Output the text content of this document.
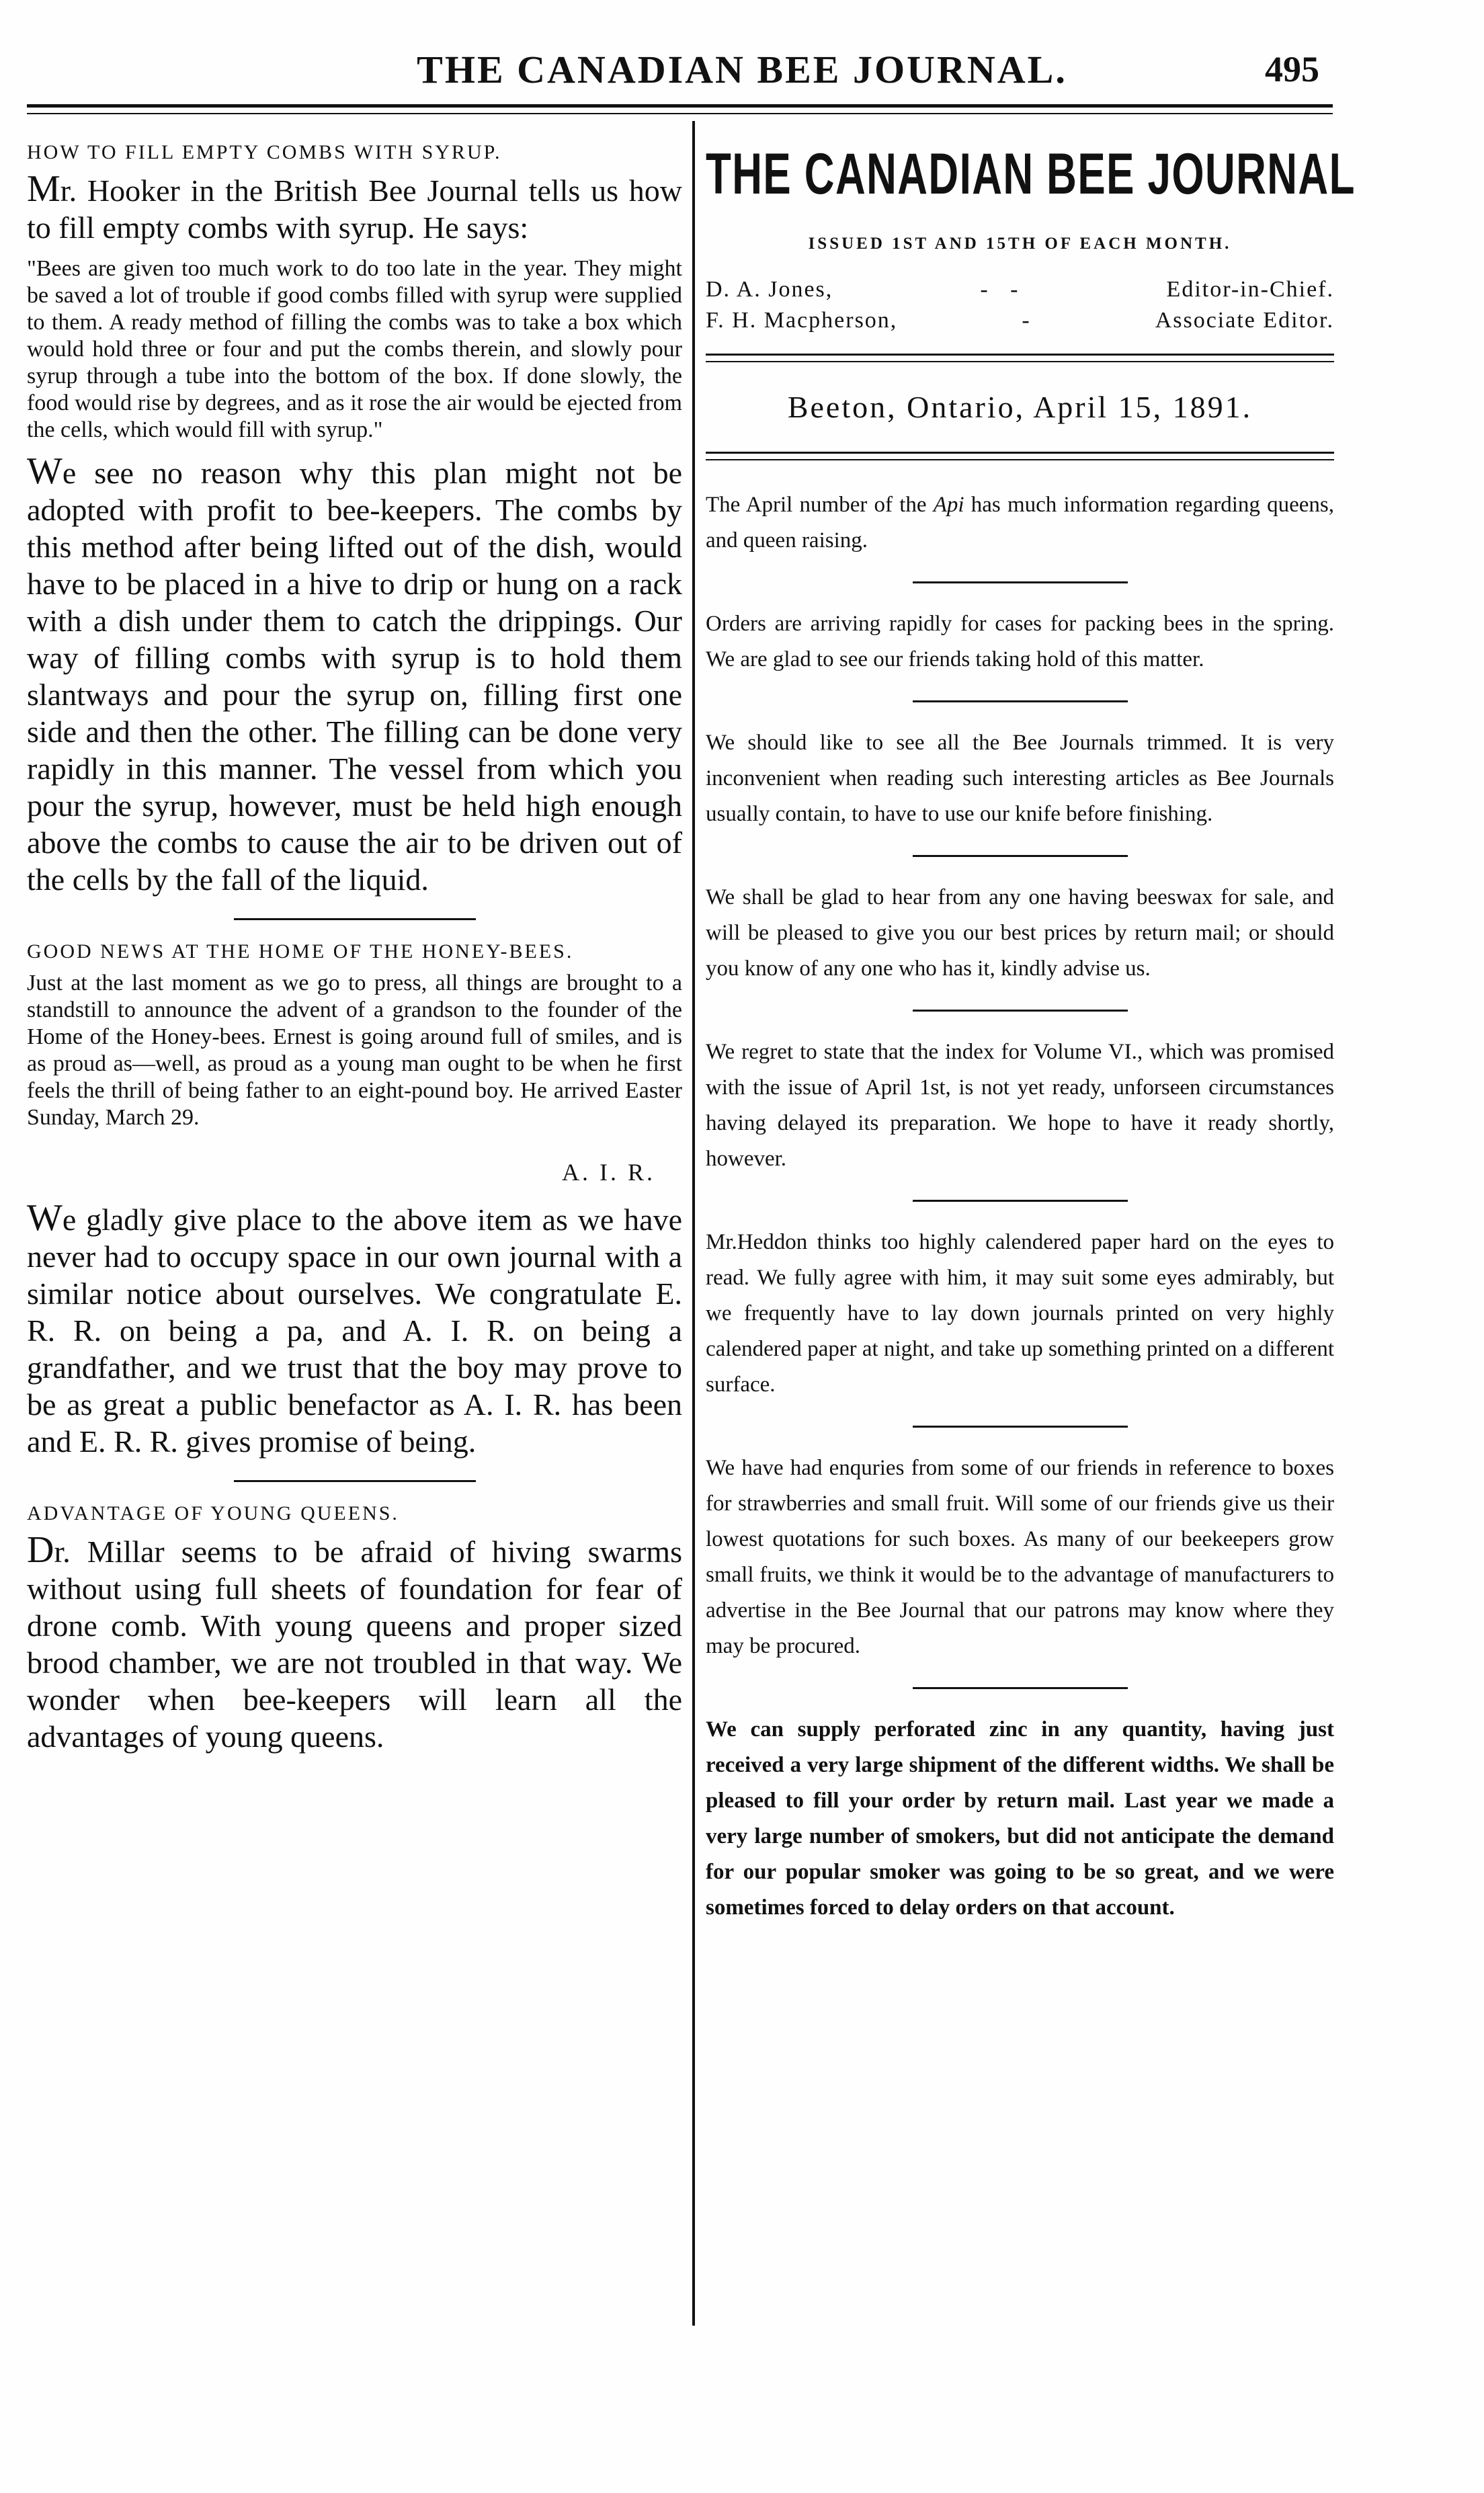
THE CANADIAN BEE JOURNAL.	495
HOW TO FILL EMPTY COMBS WITH SYRUP.

Mr. Hooker in the British Bee Journal tells us how to fill empty combs with syrup. He says:

"Bees are given too much work to do too late in the year. They might be saved a lot of trouble if good combs filled with syrup were supplied to them. A ready method of filling the combs was to take a box which would hold three or four and put the combs therein, and slowly pour syrup through a tube into the bottom of the box. If done slowly, the food would rise by degrees, and as it rose the air would be ejected from the cells, which would fill with syrup."

We see no reason why this plan might not be adopted with profit to bee-keepers. The combs by this method after being lifted out of the dish, would have to be placed in a hive to drip or hung on a rack with a dish under them to catch the drippings. Our way of filling combs with syrup is to hold them slantways and pour the syrup on, filling first one side and then the other. The filling can be done very rapidly in this manner. The vessel from which you pour the syrup, however, must be held high enough above the combs to cause the air to be driven out of the cells by the fall of the liquid.

GOOD NEWS AT THE HOME OF THE HONEY-BEES.

Just at the last moment as we go to press, all things are brought to a standstill to announce the advent of a grandson to the founder of the Home of the Honey-bees. Ernest is going around full of smiles, and is as proud as—well, as proud as a young man ought to be when he first feels the thrill of being father to an eight-pound boy. He arrived Easter Sunday, March 29.

A. I. R.

We gladly give place to the above item as we have never had to occupy space in our own journal with a similar notice about ourselves. We congratulate E. R. R. on being a pa, and A. I. R. on being a grandfather, and we trust that the boy may prove to be as great a public benefactor as A. I. R. has been and E. R. R. gives promise of being.

ADVANTAGE OF YOUNG QUEENS.

Dr. Millar seems to be afraid of hiving swarms without using full sheets of foundation for fear of drone comb. With young queens and proper sized brood chamber, we are not troubled in that way. We wonder when bee-keepers will learn all the advantages of young queens.

THE CANADIAN BEE JOURNAL
ISSUED 1ST AND 15TH OF EACH MONTH.
D. A. Jones,	-   -	Editor-in-Chief.
F. H. Macpherson,	-	Associate Editor.
Beeton, Ontario, April 15, 1891.

The April number of the Api has much information regarding queens, and queen raising.

Orders are arriving rapidly for cases for packing bees in the spring. We are glad to see our friends taking hold of this matter.

We should like to see all the Bee Journals trimmed. It is very inconvenient when reading such interesting articles as Bee Journals usually contain, to have to use our knife before finishing.

We shall be glad to hear from any one having beeswax for sale, and will be pleased to give you our best prices by return mail; or should you know of any one who has it, kindly advise us.

We regret to state that the index for Volume VI., which was promised with the issue of April 1st, is not yet ready, unforseen circumstances having delayed its preparation. We hope to have it ready shortly, however.

Mr.Heddon thinks too highly calendered paper hard on the eyes to read. We fully agree with him, it may suit some eyes admirably, but we frequently have to lay down journals printed on very highly calendered paper at night, and take up something printed on a different surface.

We have had enquries from some of our friends in reference to boxes for strawberries and small fruit. Will some of our friends give us their lowest quotations for such boxes. As many of our beekeepers grow small fruits, we think it would be to the advantage of manufacturers to advertise in the Bee Journal that our patrons may know where they may be procured.

We can supply perforated zinc in any quantity, having just received a very large shipment of the different widths. We shall be pleased to fill your order by return mail. Last year we made a very large number of smokers, but did not anticipate the demand for our popular smoker was going to be so great, and we were sometimes forced to delay orders on that account.
